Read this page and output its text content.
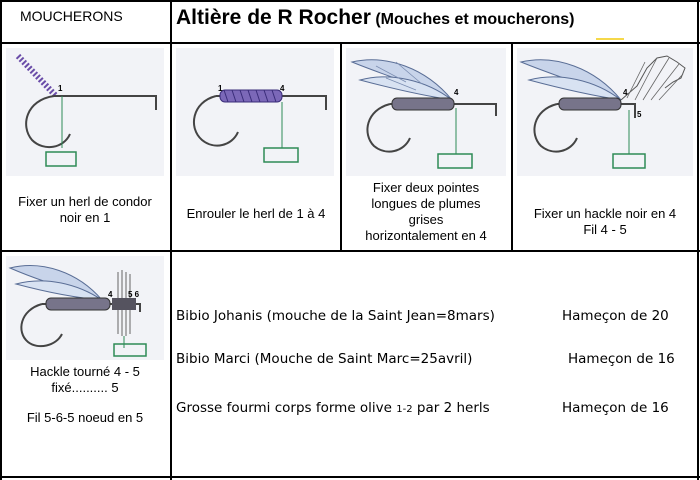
MOUCHERONS	Altière de R Rocher (Mouches et moucherons)
1
Fixer un herl de condor
noir en 1
1	4
Enrouler le herl de 1 à 4
4
Fixer deux pointes
longues de plumes
grises
horizontalement en 4
4
5
Fixer un hackle noir en 4
Fil 4 - 5
4 5 6
Hackle tourné 4 - 5
fixé.......... 5
Fil 5-6-5 noeud en 5
Bibio Johanis (mouche de la Saint Jean=8mars)	Hameçon de 20
Bibio Marci (Mouche de Saint Marc=25avril)	Hameçon de 16
Grosse fourmi corps forme olive 1-2 par 2 herls	Hameçon de 16
